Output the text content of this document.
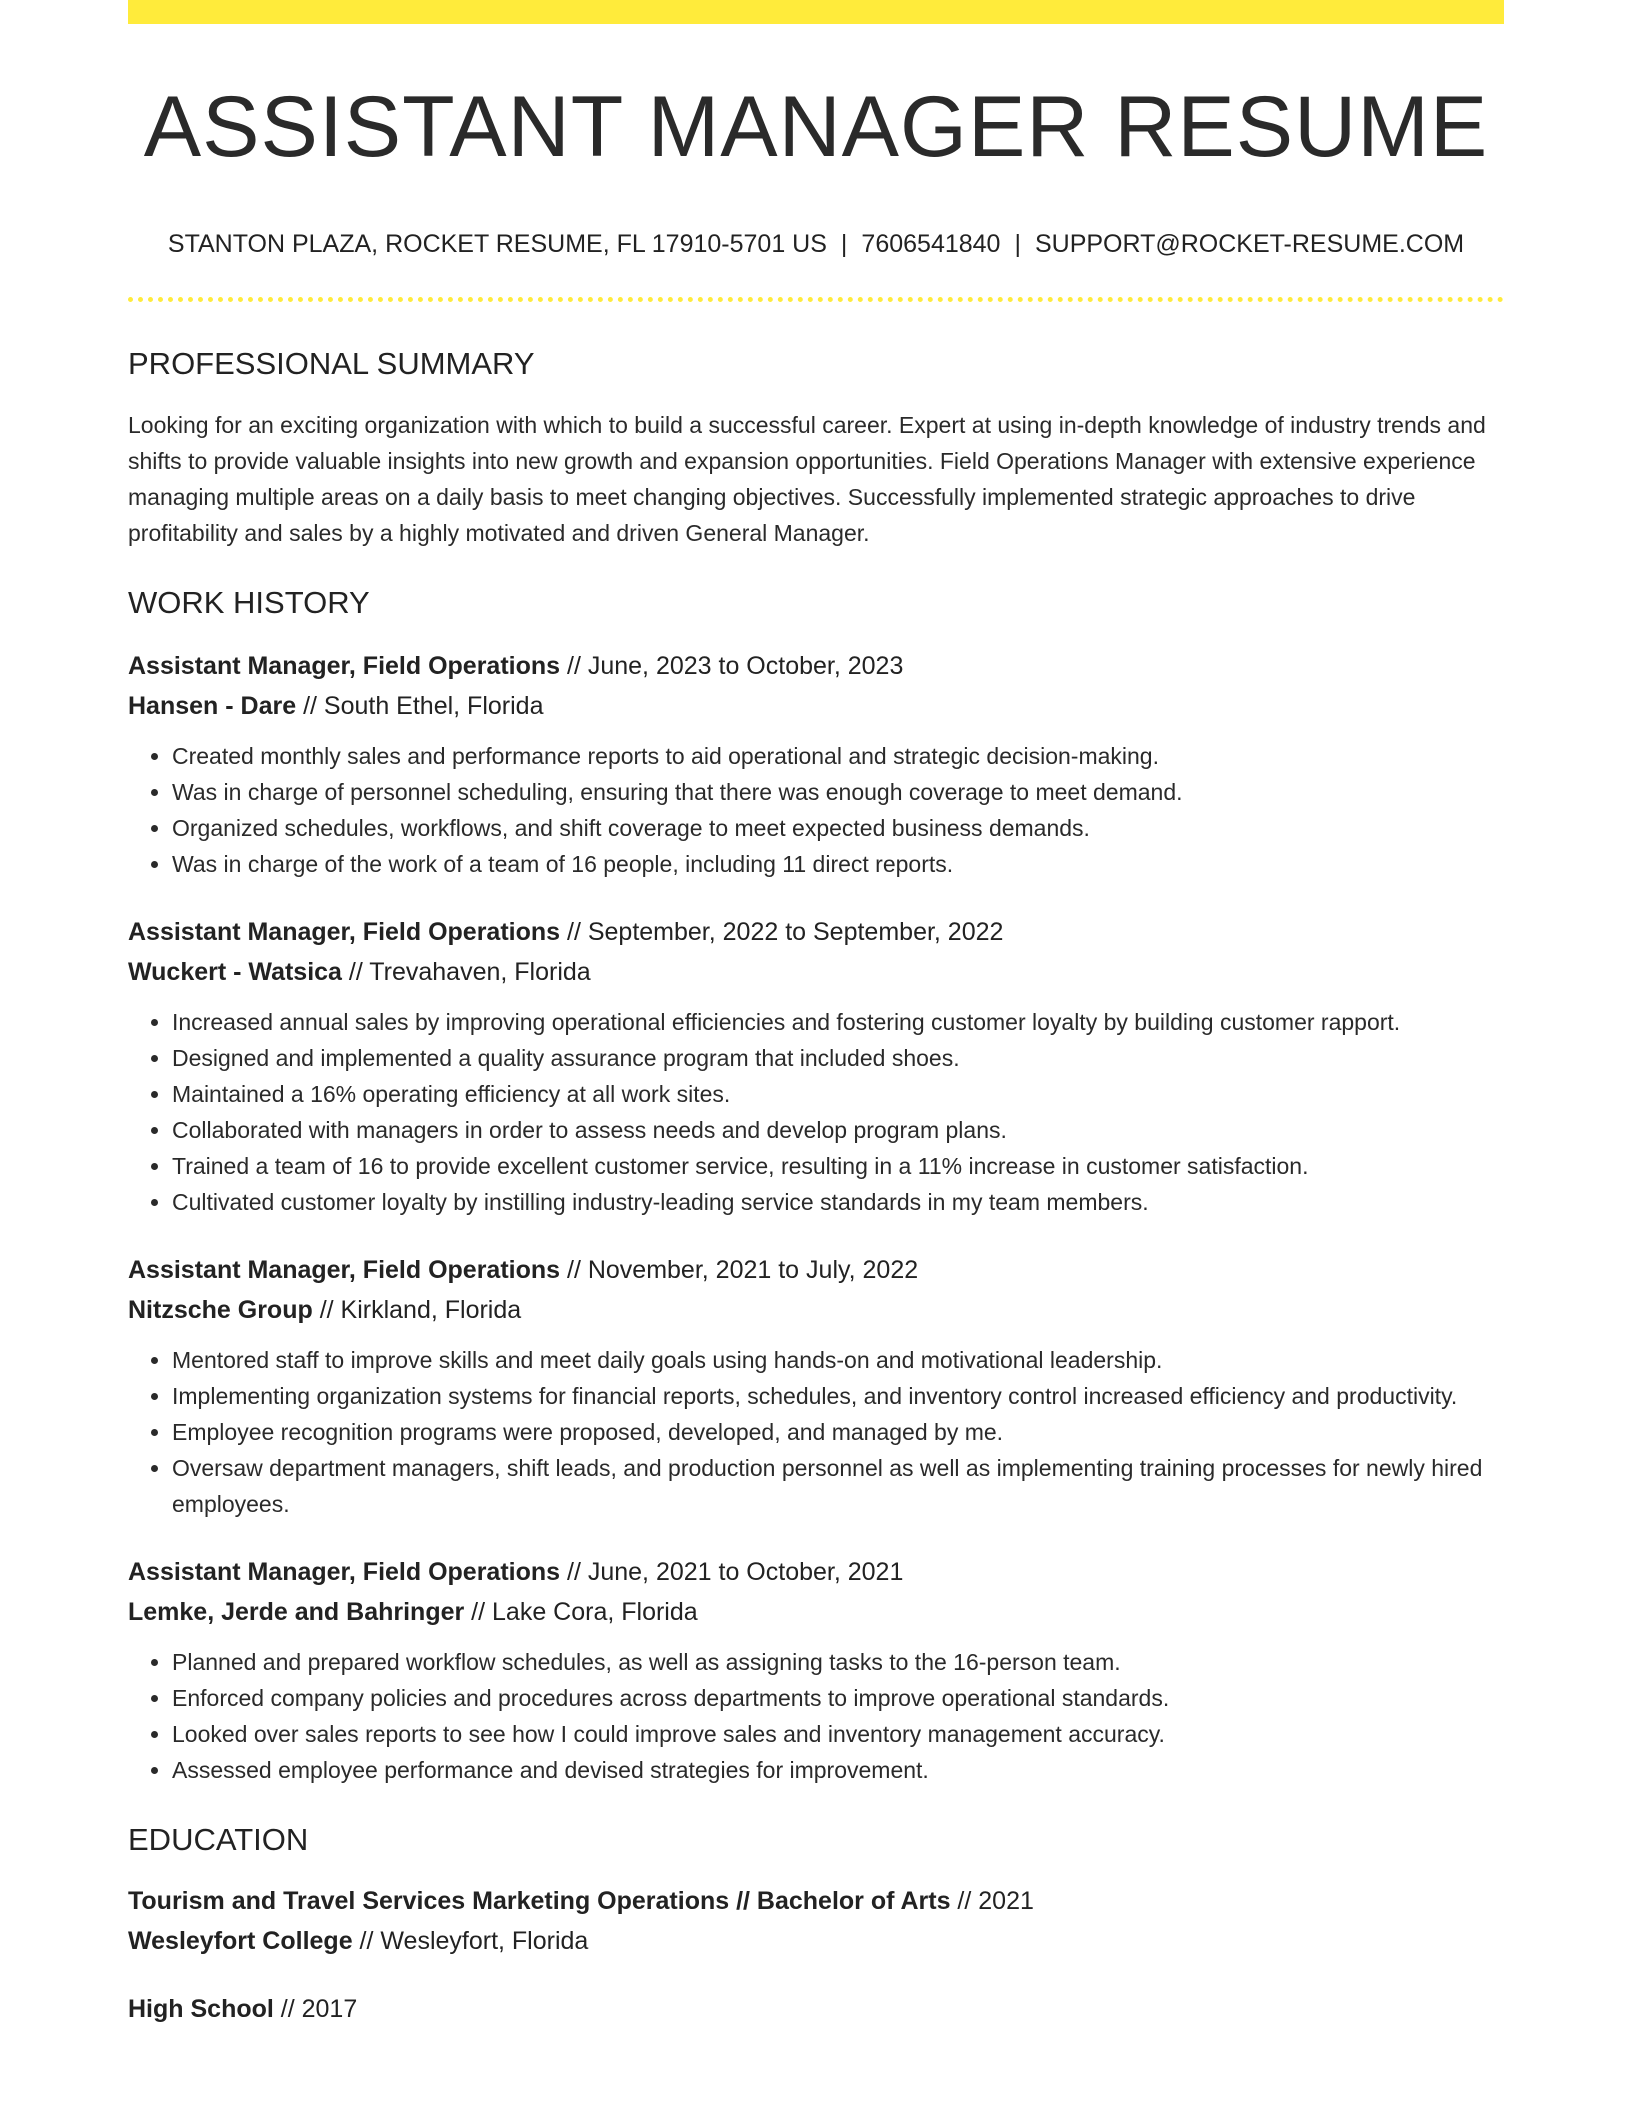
ASSISTANT MANAGER RESUME
STANTON PLAZA, ROCKET RESUME, FL 17910-5701 US | 7606541840 | SUPPORT@ROCKET-RESUME.COM
PROFESSIONAL SUMMARY
Looking for an exciting organization with which to build a successful career. Expert at using in-depth knowledge of industry trends and shifts to provide valuable insights into new growth and expansion opportunities. Field Operations Manager with extensive experience managing multiple areas on a daily basis to meet changing objectives. Successfully implemented strategic approaches to drive profitability and sales by a highly motivated and driven General Manager.
WORK HISTORY
Assistant Manager, Field Operations // June, 2023 to October, 2023
Hansen - Dare // South Ethel, Florida
• Created monthly sales and performance reports to aid operational and strategic decision-making.
• Was in charge of personnel scheduling, ensuring that there was enough coverage to meet demand.
• Organized schedules, workflows, and shift coverage to meet expected business demands.
• Was in charge of the work of a team of 16 people, including 11 direct reports.
Assistant Manager, Field Operations // September, 2022 to September, 2022
Wuckert - Watsica // Trevahaven, Florida
• Increased annual sales by improving operational efficiencies and fostering customer loyalty by building customer rapport.
• Designed and implemented a quality assurance program that included shoes.
• Maintained a 16% operating efficiency at all work sites.
• Collaborated with managers in order to assess needs and develop program plans.
• Trained a team of 16 to provide excellent customer service, resulting in a 11% increase in customer satisfaction.
• Cultivated customer loyalty by instilling industry-leading service standards in my team members.
Assistant Manager, Field Operations // November, 2021 to July, 2022
Nitzsche Group // Kirkland, Florida
• Mentored staff to improve skills and meet daily goals using hands-on and motivational leadership.
• Implementing organization systems for financial reports, schedules, and inventory control increased efficiency and productivity.
• Employee recognition programs were proposed, developed, and managed by me.
• Oversaw department managers, shift leads, and production personnel as well as implementing training processes for newly hired employees.
Assistant Manager, Field Operations // June, 2021 to October, 2021
Lemke, Jerde and Bahringer // Lake Cora, Florida
• Planned and prepared workflow schedules, as well as assigning tasks to the 16-person team.
• Enforced company policies and procedures across departments to improve operational standards.
• Looked over sales reports to see how I could improve sales and inventory management accuracy.
• Assessed employee performance and devised strategies for improvement.
EDUCATION
Tourism and Travel Services Marketing Operations // Bachelor of Arts // 2021
Wesleyfort College // Wesleyfort, Florida
High School // 2017
